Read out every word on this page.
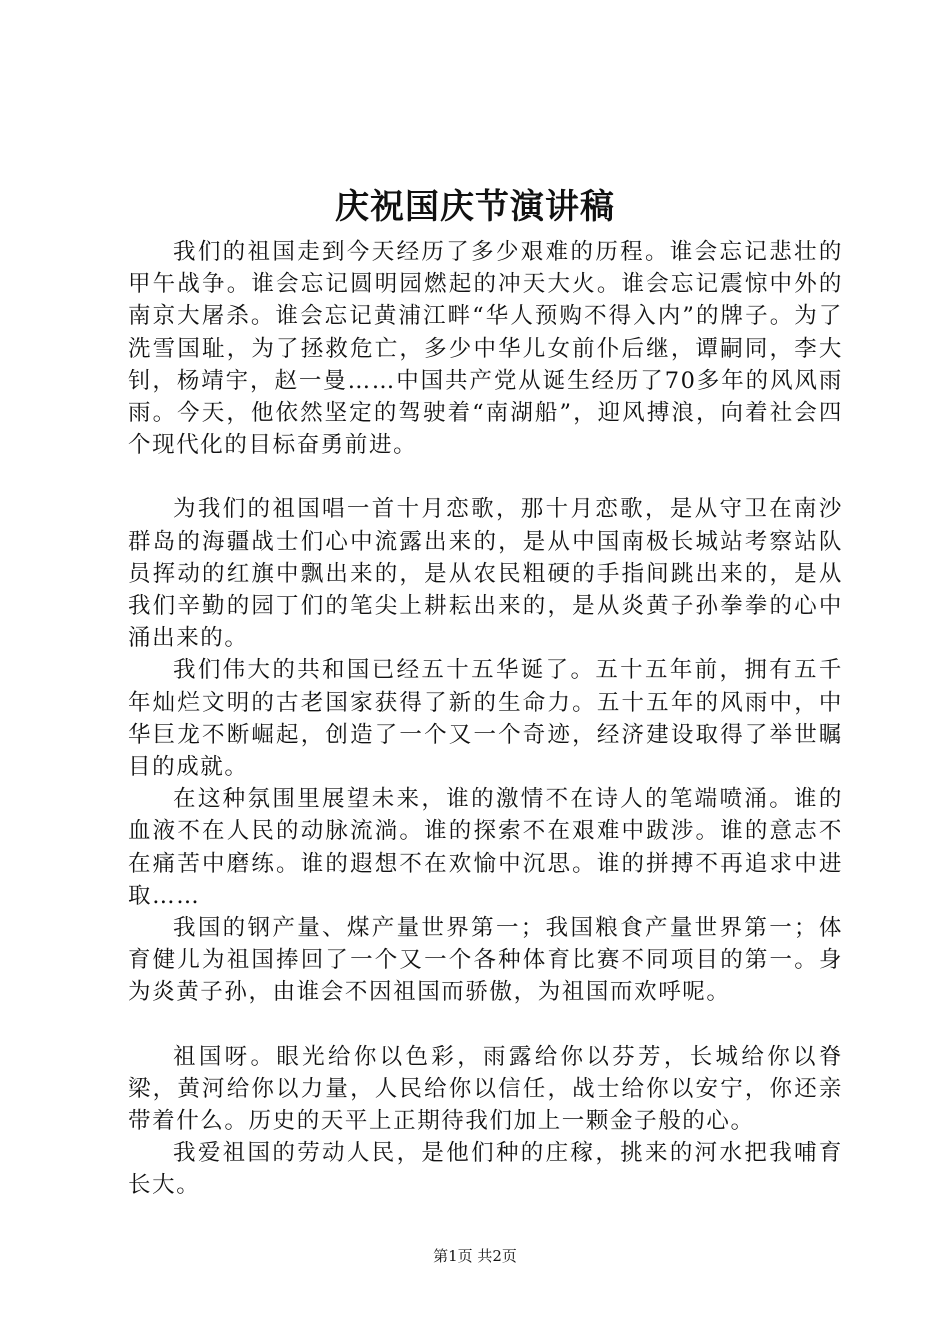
庆祝国庆节演讲稿

我们的祖国走到今天经历了多少艰难的历程。谁会忘记悲壮的甲午战争。谁会忘记圆明园燃起的冲天大火。谁会忘记震惊中外的南京大屠杀。谁会忘记黄浦江畔“华人预购不得入内”的牌子。为了洗雪国耻，为了拯救危亡，多少中华儿女前仆后继，谭嗣同，李大钊，杨靖宇，赵一曼……中国共产党从诞生经历了70多年的风风雨雨。今天，他依然坚定的驾驶着“南湖船”，迎风搏浪，向着社会四个现代化的目标奋勇前进。

为我们的祖国唱一首十月恋歌，那十月恋歌，是从守卫在南沙群岛的海疆战士们心中流露出来的，是从中国南极长城站考察站队员挥动的红旗中飘出来的，是从农民粗硬的手指间跳出来的，是从我们辛勤的园丁们的笔尖上耕耘出来的，是从炎黄子孙拳拳的心中涌出来的。

我们伟大的共和国已经五十五华诞了。五十五年前，拥有五千年灿烂文明的古老国家获得了新的生命力。五十五年的风雨中，中华巨龙不断崛起，创造了一个又一个奇迹，经济建设取得了举世瞩目的成就。

在这种氛围里展望未来，谁的激情不在诗人的笔端喷涌。谁的血液不在人民的动脉流淌。谁的探索不在艰难中跋涉。谁的意志不在痛苦中磨练。谁的遐想不在欢愉中沉思。谁的拼搏不再追求中进取……

我国的钢产量、煤产量世界第一；我国粮食产量世界第一；体育健儿为祖国捧回了一个又一个各种体育比赛不同项目的第一。身为炎黄子孙，由谁会不因祖国而骄傲，为祖国而欢呼呢。

祖国呀。眼光给你以色彩，雨露给你以芬芳，长城给你以脊梁，黄河给你以力量，人民给你以信任，战士给你以安宁，你还亲带着什么。历史的天平上正期待我们加上一颗金子般的心。

我爱祖国的劳动人民，是他们种的庄稼，挑来的河水把我哺育长大。

第1页 共2页
